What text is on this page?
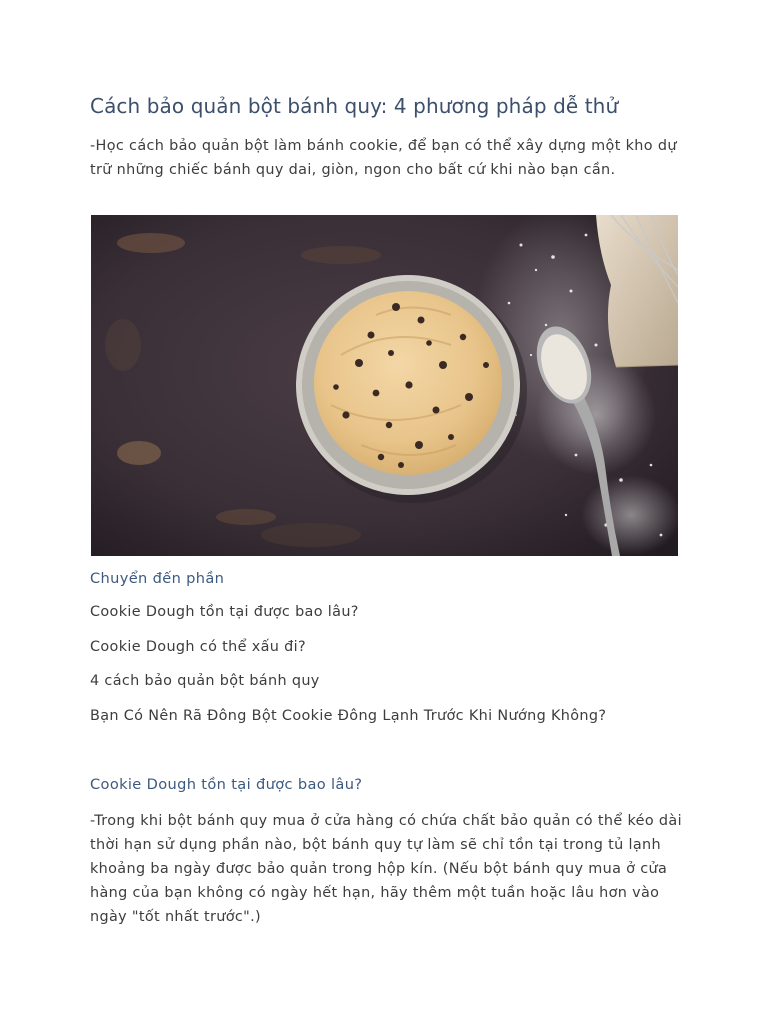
Cách bảo quản bột bánh quy: 4 phương pháp dễ thử

-Học cách bảo quản bột làm bánh cookie, để bạn có thể xây dựng một kho dự trữ những chiếc bánh quy dai, giòn, ngon cho bất cứ khi nào bạn cần.

Chuyển đến phần
Cookie Dough tồn tại được bao lâu?
Cookie Dough có thể xấu đi?
4 cách bảo quản bột bánh quy
Bạn Có Nên Rã Đông Bột Cookie Đông Lạnh Trước Khi Nướng Không?
Cookie Dough tồn tại được bao lâu?

-Trong khi bột bánh quy mua ở cửa hàng có chứa chất bảo quản có thể kéo dài thời hạn sử dụng phần nào, bột bánh quy tự làm sẽ chỉ tồn tại trong tủ lạnh khoảng ba ngày được bảo quản trong hộp kín. (Nếu bột bánh quy mua ở cửa hàng của bạn không có ngày hết hạn, hãy thêm một tuần hoặc lâu hơn vào ngày "tốt nhất trước".)
